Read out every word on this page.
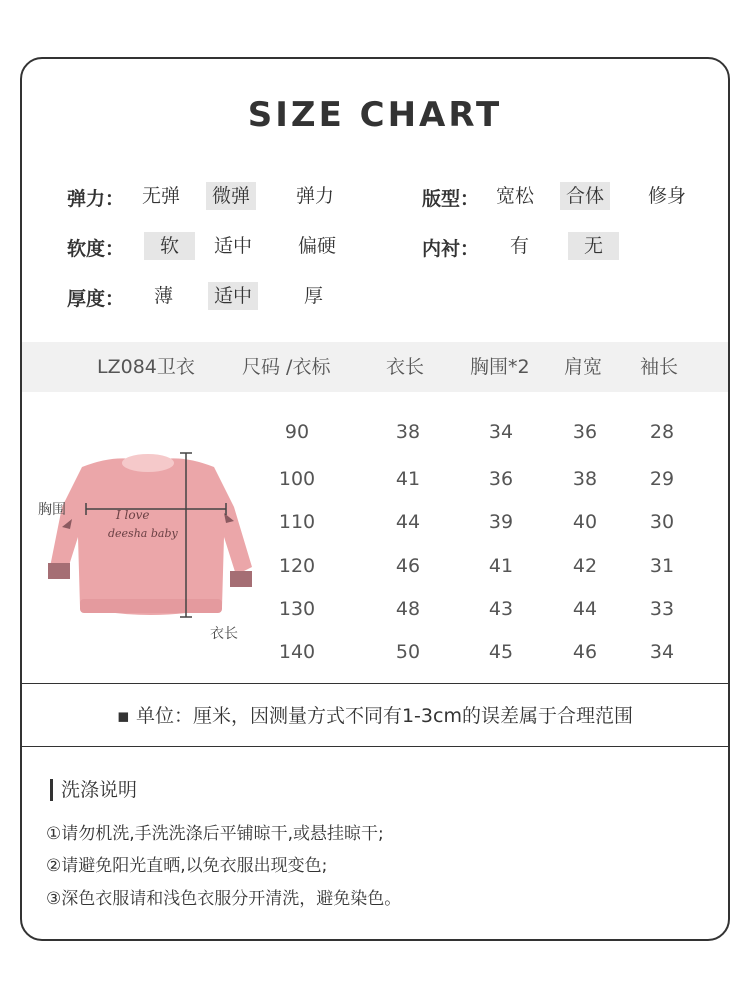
SIZE CHART
弹力： 无弹	微弹	弹力	版型： 宽松	合体	修身
软度：	软	适中	偏硬	内衬：	有	无
厚度：	薄	适中	厚
LZ084卫衣 尺码 /衣标	衣长 胸围*2 肩宽 袖长
90	38	34	36	28
100	41	36	38	29
110	44	39	40	30
120	46	41	42	31
130	48	43	44	33
140	50	45	46	34
I love
deesha baby
胸围
衣长
▪ 单位：厘米，因测量方式不同有1-3cm的误差属于合理范围
洗涤说明
①请勿机洗,手洗洗涤后平铺晾干,或悬挂晾干;
②请避免阳光直晒,以免衣服出现变色;
③深色衣服请和浅色衣服分开清洗，避免染色。
